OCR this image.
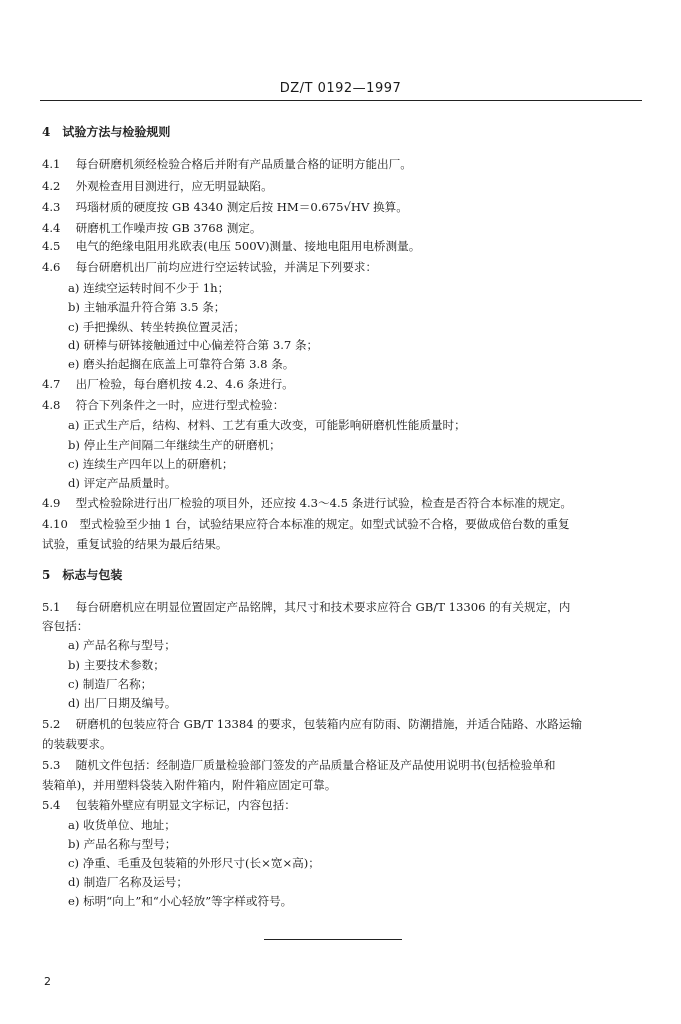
DZ/T 0192—1997
4　试验方法与检验规则
4.1　 每台研磨机须经检验合格后并附有产品质量合格的证明方能出厂。
4.2　 外观检查用目测进行，应无明显缺陷。
4.3　 玛瑙材质的硬度按 GB 4340 测定后按 HM＝0.675√HV 换算。
4.4　 研磨机工作噪声按 GB 3768 测定。
4.5　 电气的绝缘电阻用兆欧表(电压 500V)测量、接地电阻用电桥测量。
4.6　 每台研磨机出厂前均应进行空运转试验，并满足下列要求：
a) 连续空运转时间不少于 1h；
b) 主轴承温升符合第 3.5 条；
c) 手把操纵、转坐转换位置灵活；
d) 研棒与研钵接触通过中心偏差符合第 3.7 条；
e) 磨头抬起搁在底盖上可靠符合第 3.8 条。
4.7　 出厂检验，每台磨机按 4.2、4.6 条进行。
4.8　 符合下列条件之一时，应进行型式检验：
a) 正式生产后，结构、材料、工艺有重大改变，可能影响研磨机性能质量时；
b) 停止生产间隔二年继续生产的研磨机；
c) 连续生产四年以上的研磨机；
d) 评定产品质量时。
4.9　 型式检验除进行出厂检验的项目外，还应按 4.3～4.5 条进行试验，检查是否符合本标准的规定。
4.10　 型式检验至少抽 1 台，试验结果应符合本标准的规定。如型式试验不合格，要做成倍台数的重复
试验，重复试验的结果为最后结果。
5　标志与包装
5.1　 每台研磨机应在明显位置固定产品铭牌，其尺寸和技术要求应符合 GB/T 13306 的有关规定，内
容包括：
a) 产品名称与型号；
b) 主要技术参数；
c) 制造厂名称；
d) 出厂日期及编号。
5.2　 研磨机的包装应符合 GB/T 13384 的要求，包装箱内应有防雨、防潮措施，并适合陆路、水路运输
的装载要求。
5.3　 随机文件包括：经制造厂质量检验部门签发的产品质量合格证及产品使用说明书(包括检验单和
装箱单)，并用塑料袋装入附件箱内，附件箱应固定可靠。
5.4　 包装箱外壁应有明显文字标记，内容包括：
a) 收货单位、地址；
b) 产品名称与型号；
c) 净重、毛重及包装箱的外形尺寸(长×宽×高)；
d) 制造厂名称及运号；
e) 标明“向上”和“小心轻放”等字样或符号。
2
